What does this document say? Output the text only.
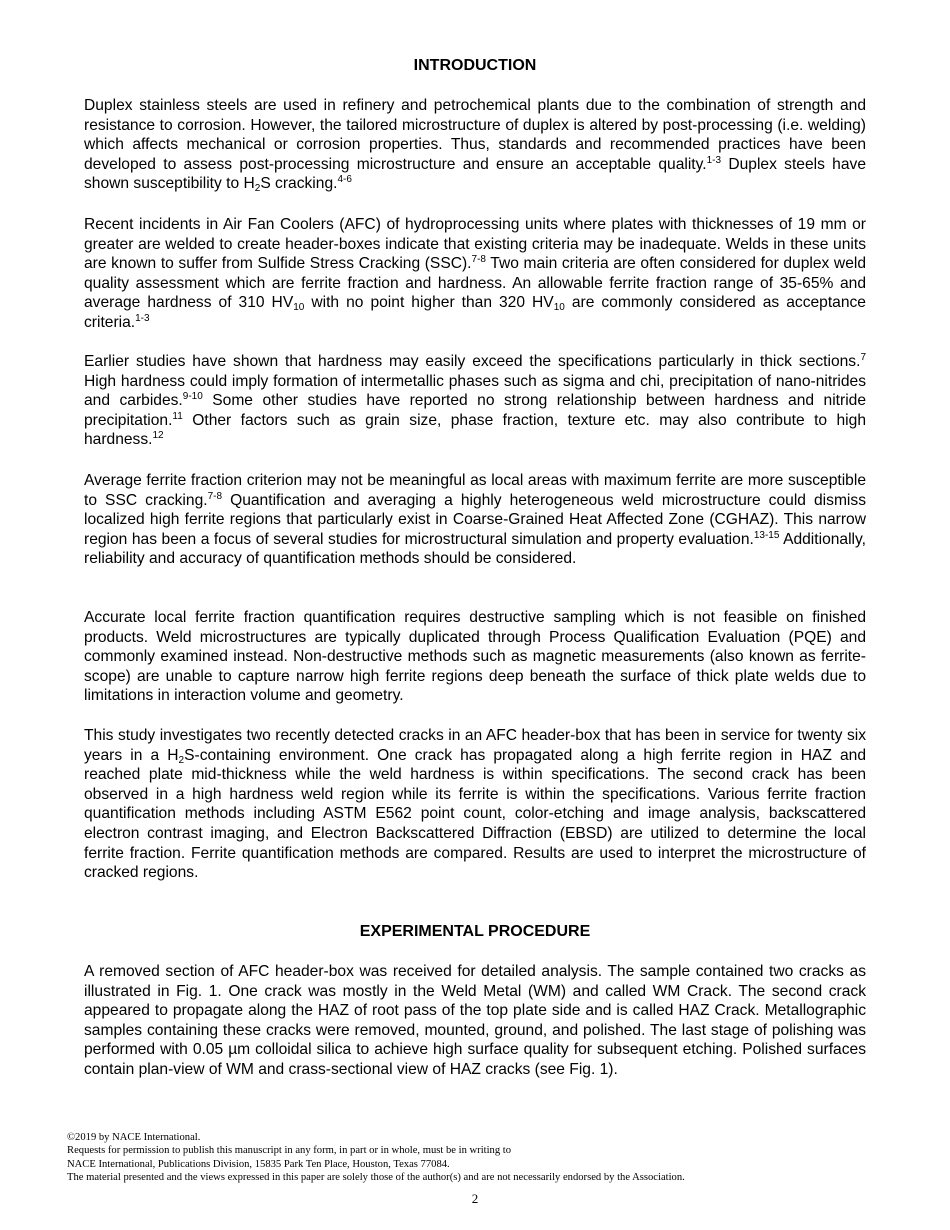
INTRODUCTION

Duplex stainless steels are used in refinery and petrochemical plants due to the combination of strength and resistance to corrosion. However, the tailored microstructure of duplex is altered by post-processing (i.e. welding) which affects mechanical or corrosion properties. Thus, standards and recommended practices have been developed to assess post-processing microstructure and ensure an acceptable quality.$^{1-3}$ Duplex steels have shown susceptibility to $H_2S$ cracking.$^{4-6}$

Recent incidents in Air Fan Coolers (AFC) of hydroprocessing units where plates with thicknesses of 19 mm or greater are welded to create header-boxes indicate that existing criteria may be inadequate. Welds in these units are known to suffer from Sulfide Stress Cracking (SSC).$^{7-8}$ Two main criteria are often considered for duplex weld quality assessment which are ferrite fraction and hardness. An allowable ferrite fraction range of 35-65% and average hardness of 310 $HV_{10}$ with no point higher than 320 $HV_{10}$ are commonly considered as acceptance criteria.$^{1-3}$

Earlier studies have shown that hardness may easily exceed the specifications particularly in thick sections.$^7$ High hardness could imply formation of intermetallic phases such as sigma and chi, precipitation of nano-nitrides and carbides.$^{9-10}$ Some other studies have reported no strong relationship between hardness and nitride precipitation.$^{11}$ Other factors such as grain size, phase fraction, texture etc. may also contribute to high hardness.$^{12}$

Average ferrite fraction criterion may not be meaningful as local areas with maximum ferrite are more susceptible to SSC cracking.$^{7-8}$ Quantification and averaging a highly heterogeneous weld microstructure could dismiss localized high ferrite regions that particularly exist in Coarse-Grained Heat Affected Zone (CGHAZ). This narrow region has been a focus of several studies for microstructural simulation and property evaluation.$^{13-15}$ Additionally, reliability and accuracy of quantification methods should be considered.

Accurate local ferrite fraction quantification requires destructive sampling which is not feasible on finished products. Weld microstructures are typically duplicated through Process Qualification Evaluation (PQE) and commonly examined instead. Non-destructive methods such as magnetic measurements (also known as ferrite-scope) are unable to capture narrow high ferrite regions deep beneath the surface of thick plate welds due to limitations in interaction volume and geometry.

This study investigates two recently detected cracks in an AFC header-box that has been in service for twenty six years in a $H_2S$-containing environment. One crack has propagated along a high ferrite region in HAZ and reached plate mid-thickness while the weld hardness is within specifications. The second crack has been observed in a high hardness weld region while its ferrite is within the specifications. Various ferrite fraction quantification methods including ASTM E562 point count, color-etching and image analysis, backscattered electron contrast imaging, and Electron Backscattered Diffraction (EBSD) are utilized to determine the local ferrite fraction. Ferrite quantification methods are compared. Results are used to interpret the microstructure of cracked regions.

EXPERIMENTAL PROCEDURE

A removed section of AFC header-box was received for detailed analysis. The sample contained two cracks as illustrated in Fig. 1. One crack was mostly in the Weld Metal (WM) and called WM Crack. The second crack appeared to propagate along the HAZ of root pass of the top plate side and is called HAZ Crack. Metallographic samples containing these cracks were removed, mounted, ground, and polished. The last stage of polishing was performed with 0.05 µm colloidal silica to achieve high surface quality for subsequent etching. Polished surfaces contain plan-view of WM and crass-sectional view of HAZ cracks (see Fig. 1).

©2019 by NACE International.
Requests for permission to publish this manuscript in any form, in part or in whole, must be in writing to
NACE International, Publications Division, 15835 Park Ten Place, Houston, Texas 77084.
The material presented and the views expressed in this paper are solely those of the author(s) and are not necessarily endorsed by the Association.
2
